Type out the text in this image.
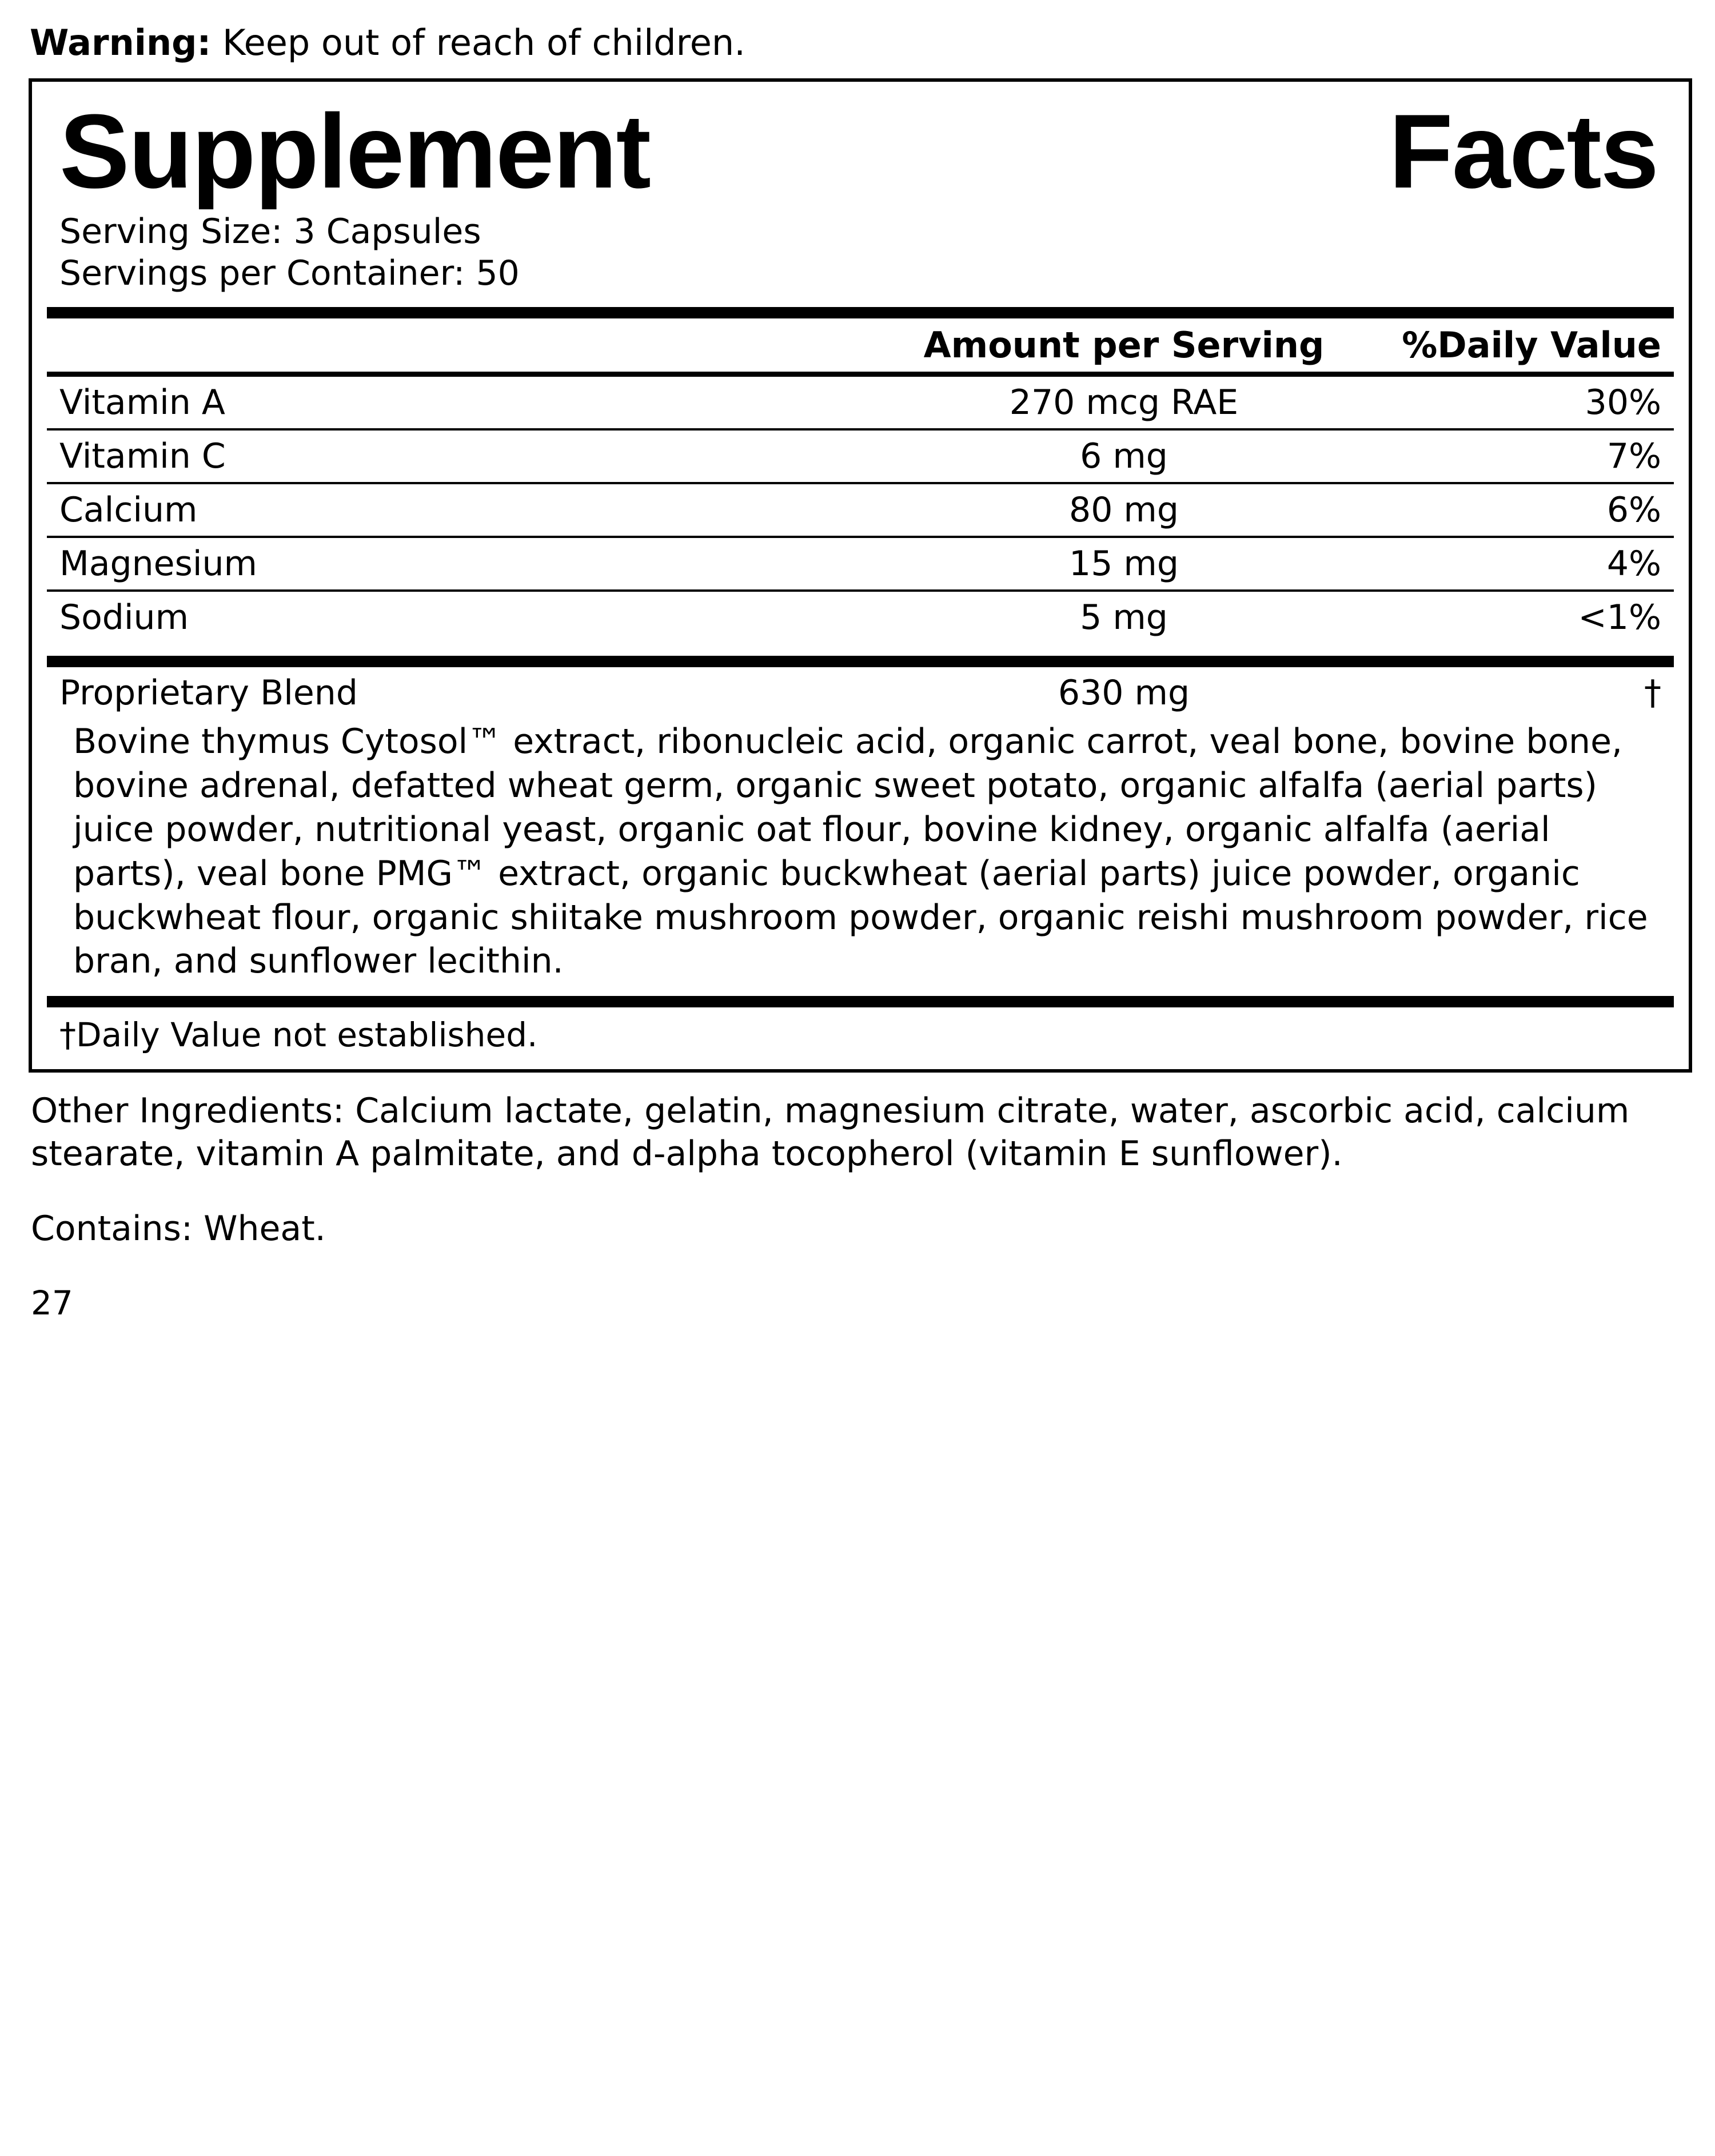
Warning: Keep out of reach of children.

Supplement	Facts
Serving Size: 3 Capsules
Servings per Container: 50
	Amount per Serving	%Daily Value
Vitamin A	270 mcg RAE	30%
Vitamin C	6 mg	7%
Calcium	80 mg	6%
Magnesium	15 mg	4%
Sodium	5 mg	<1%
Proprietary Blend	630 mg	†
Bovine thymus Cytosol™ extract, ribonucleic acid, organic carrot, veal bone, bovine bone, bovine adrenal, defatted wheat germ, organic sweet potato, organic alfalfa (aerial parts) juice powder, nutritional yeast, organic oat flour, bovine kidney, organic alfalfa (aerial parts), veal bone PMG™ extract, organic buckwheat (aerial parts) juice powder, organic buckwheat flour, organic shiitake mushroom powder, organic reishi mushroom powder, rice bran, and sunflower lecithin.
†Daily Value not established.
Other Ingredients: Calcium lactate, gelatin, magnesium citrate, water, ascorbic acid, calcium stearate, vitamin A palmitate, and d-alpha tocopherol (vitamin E sunflower).
Contains: Wheat.
27
